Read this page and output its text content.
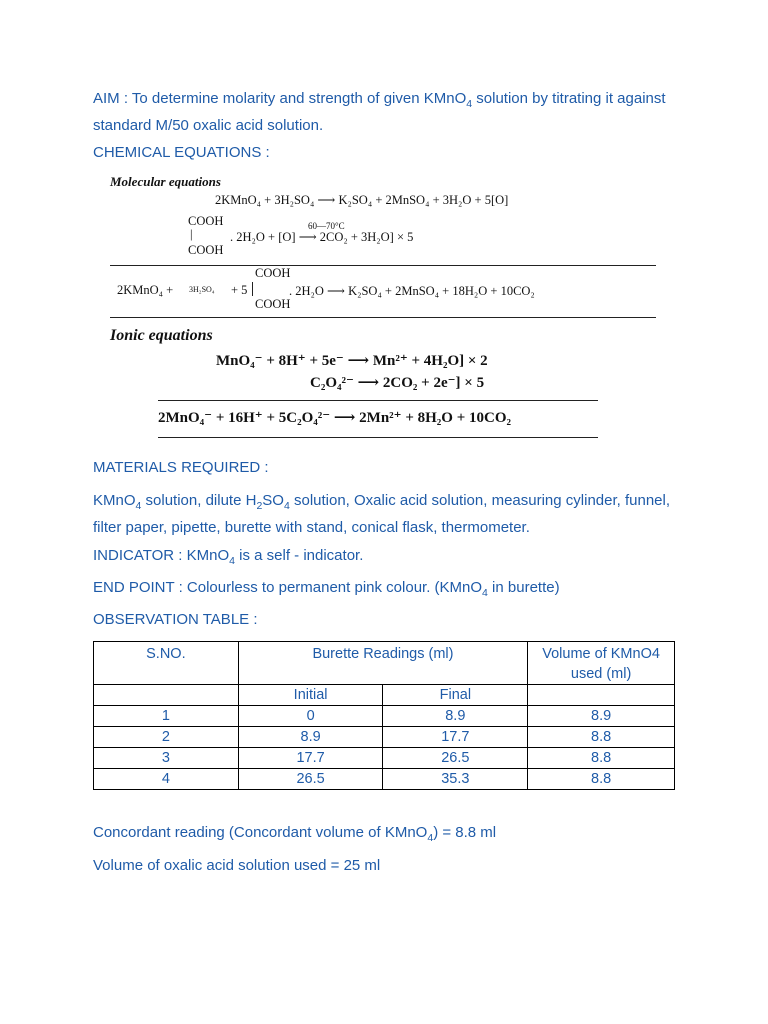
AIM : To determine molarity and strength of given KMnO$_4$ solution by titrating it against standard M/50 oxalic acid solution.

CHEMICAL EQUATIONS :

Molecular equations
2KMnO₄ + 3H₂SO₄ ⟶ K₂SO₄ + 2MnSO₄ + 3H₂O + 5[O]
COOH
|
COOH
60—70°C
. 2H₂O + [O] ⟶ 2CO₂ + 3H₂O] × 5
COOH
2KMnO₄ + 3H₂SO₄ + 5	. 2H₂O ⟶ K₂SO₄ + 2MnSO₄ + 18H₂O + 10CO₂
COOH
Ionic equations
MnO₄⁻ + 8H⁺ + 5e⁻ ⟶ Mn²⁺ + 4H₂O] × 2
C₂O₄²⁻ ⟶ 2CO₂ + 2e⁻] × 5
2MnO₄⁻ + 16H⁺ + 5C₂O₄²⁻ ⟶ 2Mn²⁺ + 8H₂O + 10CO₂

MATERIALS REQUIRED :

KMnO$_4$ solution, dilute $H_2SO_4$ solution, Oxalic acid solution, measuring cylinder, funnel, filter paper, pipette, burette with stand, conical flask, thermometer.

INDICATOR : KMnO$_4$ is a self - indicator.

END POINT : Colourless to permanent pink colour. (KMnO$_4$ in burette)

OBSERVATION TABLE :

S.NO.	Burette Readings (ml)		Volume of KMnO4 used (ml)
	Initial	Final	
1	0	8.9	8.9
2	8.9	17.7	8.8
3	17.7	26.5	8.8
4	26.5	35.3	8.8

Concordant reading (Concordant volume of KMnO$_4$) = 8.8 ml

Volume of oxalic acid solution used = 25 ml
